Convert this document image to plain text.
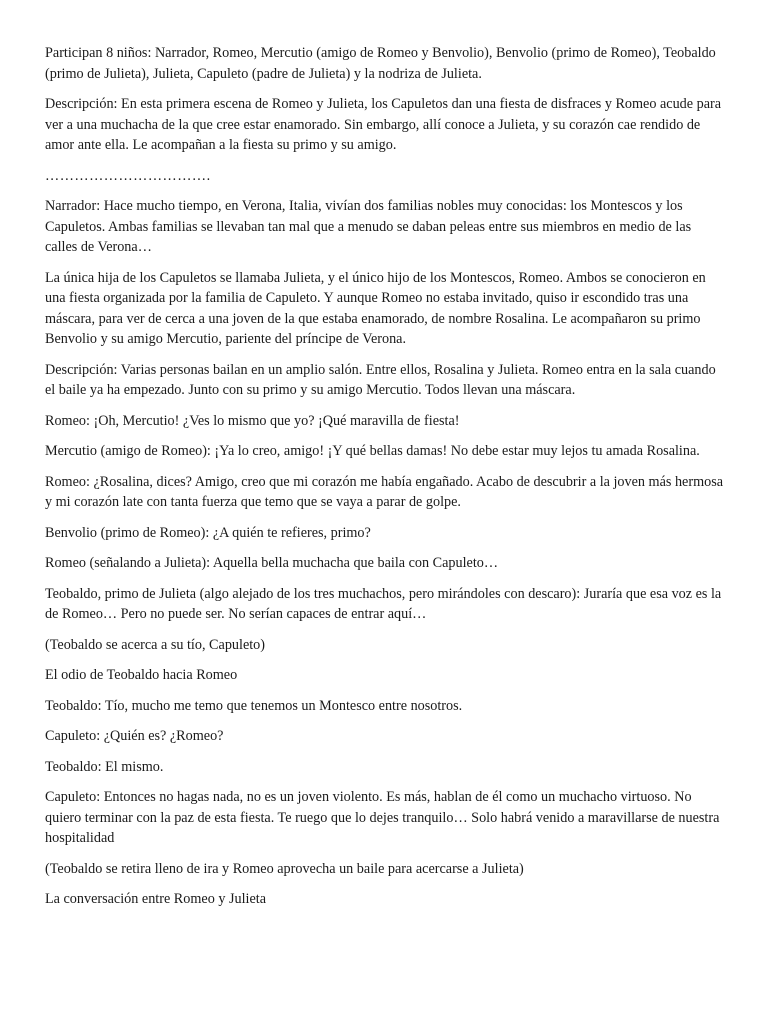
Participan 8 niños: Narrador, Romeo, Mercutio (amigo de Romeo y Benvolio), Benvolio (primo de Romeo), Teobaldo (primo de Julieta), Julieta, Capuleto (padre de Julieta) y la nodriza de Julieta.

Descripción: En esta primera escena de Romeo y Julieta, los Capuletos dan una fiesta de disfraces y Romeo acude para ver a una muchacha de la que cree estar enamorado. Sin embargo, allí conoce a Julieta, y su corazón cae rendido de amor ante ella. Le acompañan a la fiesta su primo y su amigo.

…………………………….

Narrador: Hace mucho tiempo, en Verona, Italia, vivían dos familias nobles muy conocidas: los Montescos y los Capuletos. Ambas familias se llevaban tan mal que a menudo se daban peleas entre sus miembros en medio de las calles de Verona…

La única hija de los Capuletos se llamaba Julieta, y el único hijo de los Montescos, Romeo. Ambos se conocieron en una fiesta organizada por la familia de Capuleto. Y aunque Romeo no estaba invitado, quiso ir escondido tras una máscara, para ver de cerca a una joven de la que estaba enamorado, de nombre Rosalina. Le acompañaron su primo Benvolio y su amigo Mercutio, pariente del príncipe de Verona.

Descripción: Varias personas bailan en un amplio salón. Entre ellos, Rosalina y Julieta. Romeo entra en la sala cuando el baile ya ha empezado. Junto con su primo y su amigo Mercutio. Todos llevan una máscara.

Romeo: ¡Oh, Mercutio! ¿Ves lo mismo que yo? ¡Qué maravilla de fiesta!

Mercutio (amigo de Romeo): ¡Ya lo creo, amigo! ¡Y qué bellas damas! No debe estar muy lejos tu amada Rosalina.

Romeo: ¿Rosalina, dices? Amigo, creo que mi corazón me había engañado. Acabo de descubrir a la joven más hermosa y mi corazón late con tanta fuerza que temo que se vaya a parar de golpe.

Benvolio (primo de Romeo): ¿A quién te refieres, primo?

Romeo (señalando a Julieta): Aquella bella muchacha que baila con Capuleto…

Teobaldo, primo de Julieta (algo alejado de los tres muchachos, pero mirándoles con descaro): Juraría que esa voz es la de Romeo… Pero no puede ser. No serían capaces de entrar aquí…

(Teobaldo se acerca a su tío, Capuleto)

El odio de Teobaldo hacia Romeo

Teobaldo: Tío, mucho me temo que tenemos un Montesco entre nosotros.

Capuleto: ¿Quién es? ¿Romeo?

Teobaldo: El mismo.

Capuleto: Entonces no hagas nada, no es un joven violento. Es más, hablan de él como un muchacho virtuoso. No quiero terminar con la paz de esta fiesta. Te ruego que lo dejes tranquilo… Solo habrá venido a maravillarse de nuestra hospitalidad

(Teobaldo se retira lleno de ira y Romeo aprovecha un baile para acercarse a Julieta)

La conversación entre Romeo y Julieta
